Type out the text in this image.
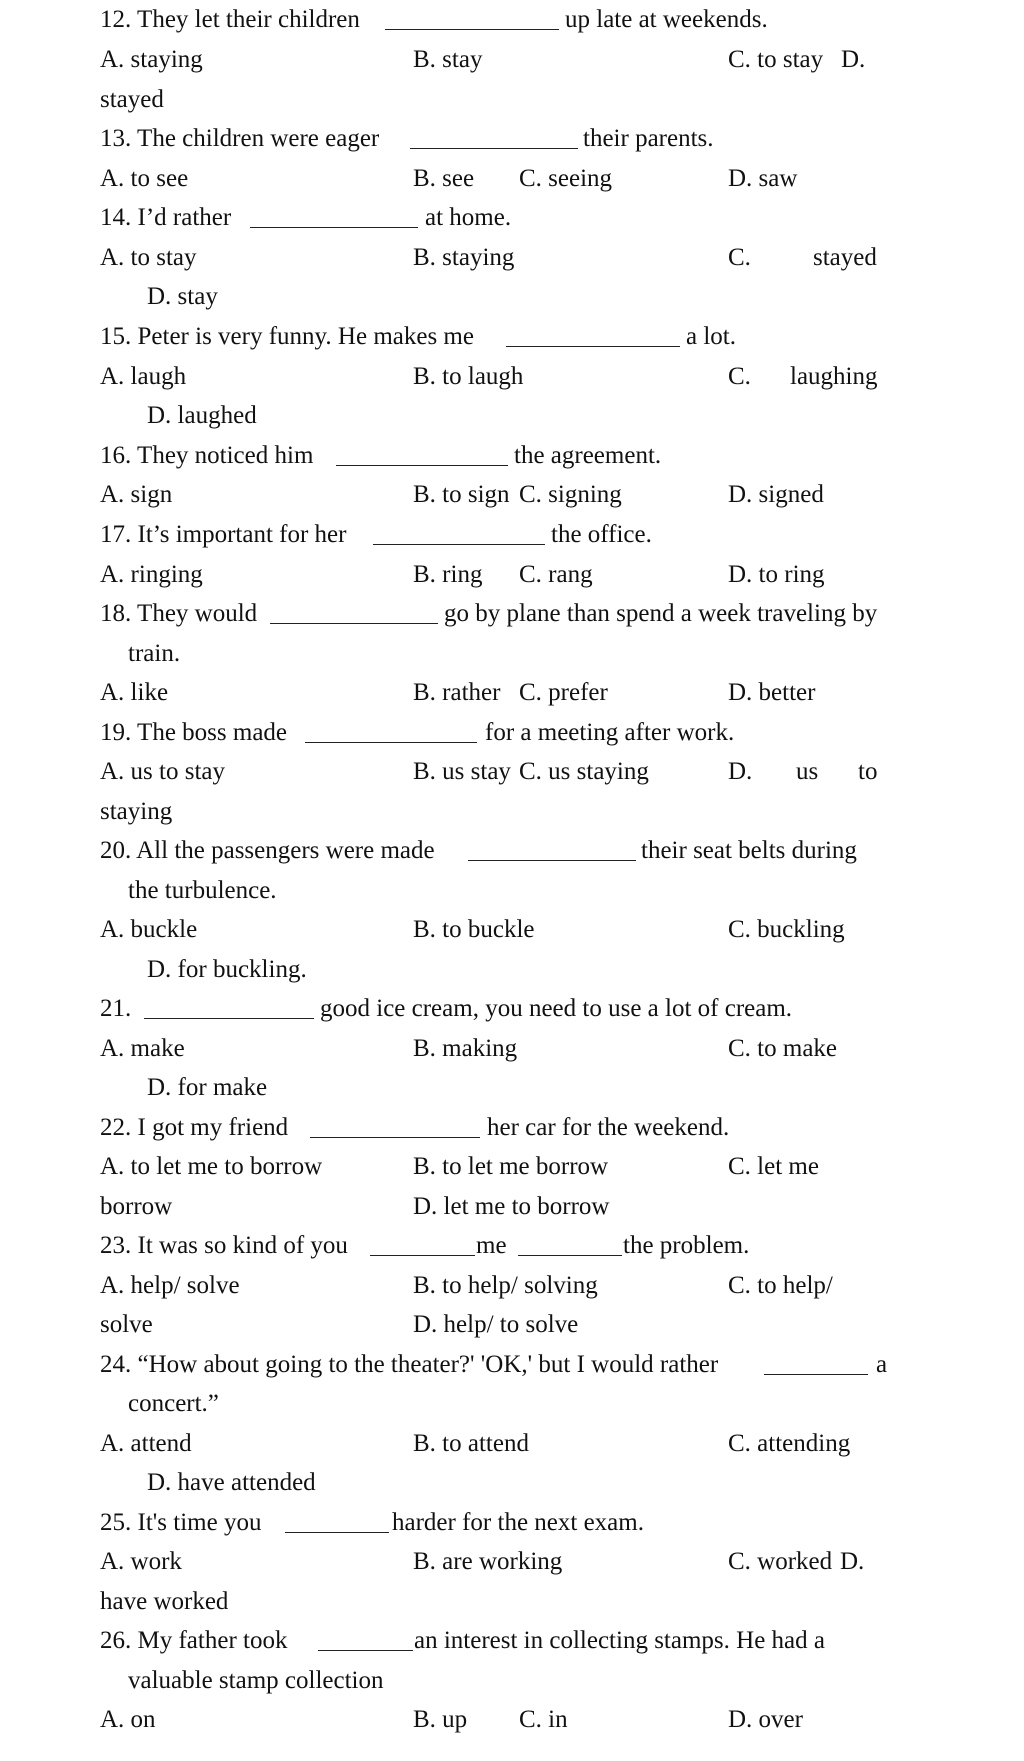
12. They let their children	up late at weekends.
A. staying	B. stay	C. to stay D.
stayed
13. The children were eager	their parents.
A. to see	B. see C. seeing	D. saw
14. I’d rather	at home.
A. to stay	B. staying	C. stayed
D. stay
15. Peter is very funny. He makes me	a lot.
A. laugh	B. to laugh	C. laughing
D. laughed
16. They noticed him	the agreement.
A. sign	B. to sign C. signing	D. signed
17. It’s important for her	the office.
A. ringing	B. ring C. rang	D. to ring
18. They would	go by plane than spend a week traveling by
train.
A. like	B. rather C. prefer	D. better
19. The boss made	for a meeting after work.
A. us to stay	B. us stay C. us staying	D. us to
staying
20. All the passengers were made	their seat belts during
the turbulence.
A. buckle	B. to buckle	C. buckling
D. for buckling.
21.	good ice cream, you need to use a lot of cream.
A. make	B. making	C. to make
D. for make
22. I got my friend	her car for the weekend.
A. to let me to borrow	B. to let me borrow	C. let me
borrow	D. let me to borrow
23. It was so kind of you	me	the problem.
A. help/ solve	B. to help/ solving	C. to help/
solve	D. help/ to solve
24. “How about going to the theater?' 'OK,' but I would rather	a
concert.”
A. attend	B. to attend	C. attending
D. have attended
25. It's time you	harder for the next exam.
A. work	B. are working	C. worked D.
have worked
26. My father took	an interest in collecting stamps. He had a
valuable stamp collection
A. on	B. up C. in	D. over
